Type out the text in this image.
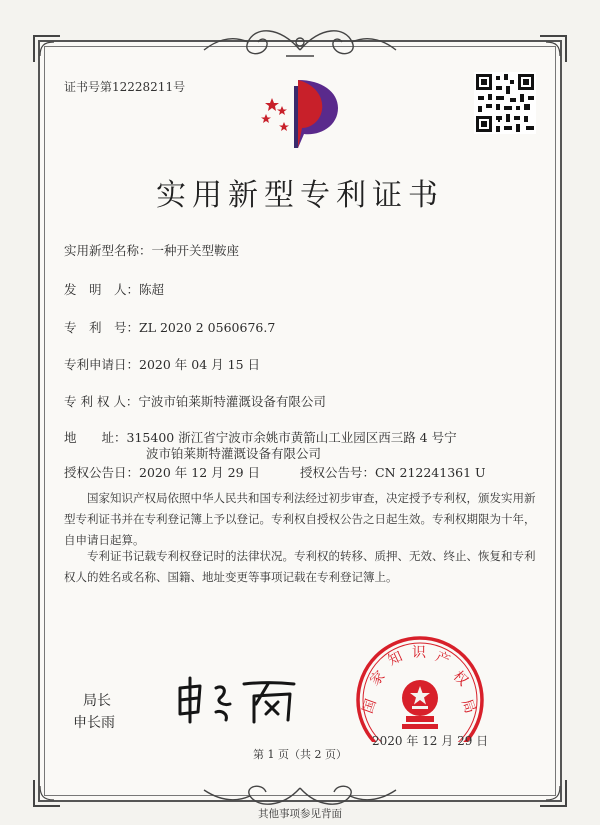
证书号第12228211号
实用新型专利证书
实用新型名称：一种开关型鞍座
发　明　人：陈超
专　利　号：ZL 2020 2 0560676.7
专利申请日：2020 年 04 月 15 日
专 利 权 人：宁波市铂莱斯特灌溉设备有限公司
地　　址：315400 浙江省宁波市余姚市黄箭山工业园区西三路 4 号宁
波市铂莱斯特灌溉设备有限公司
授权公告日：2020 年 12 月 29 日	授权公告号：CN 212241361 U
国家知识产权局依照中华人民共和国专利法经过初步审查，决定授予专利权，颁发实用新型专利证书并在专利登记簿上予以登记。专利权自授权公告之日起生效。专利权期限为十年，自申请日起算。
专利证书记载专利权登记时的法律状况。专利权的转移、质押、无效、终止、恢复和专利权人的姓名或名称、国籍、地址变更等事项记载在专利登记簿上。
局长
申长雨
国
家
知 识 产
权
局
2020 年 12 月 29 日
第 1 页（共 2 页）
其他事项参见背面
